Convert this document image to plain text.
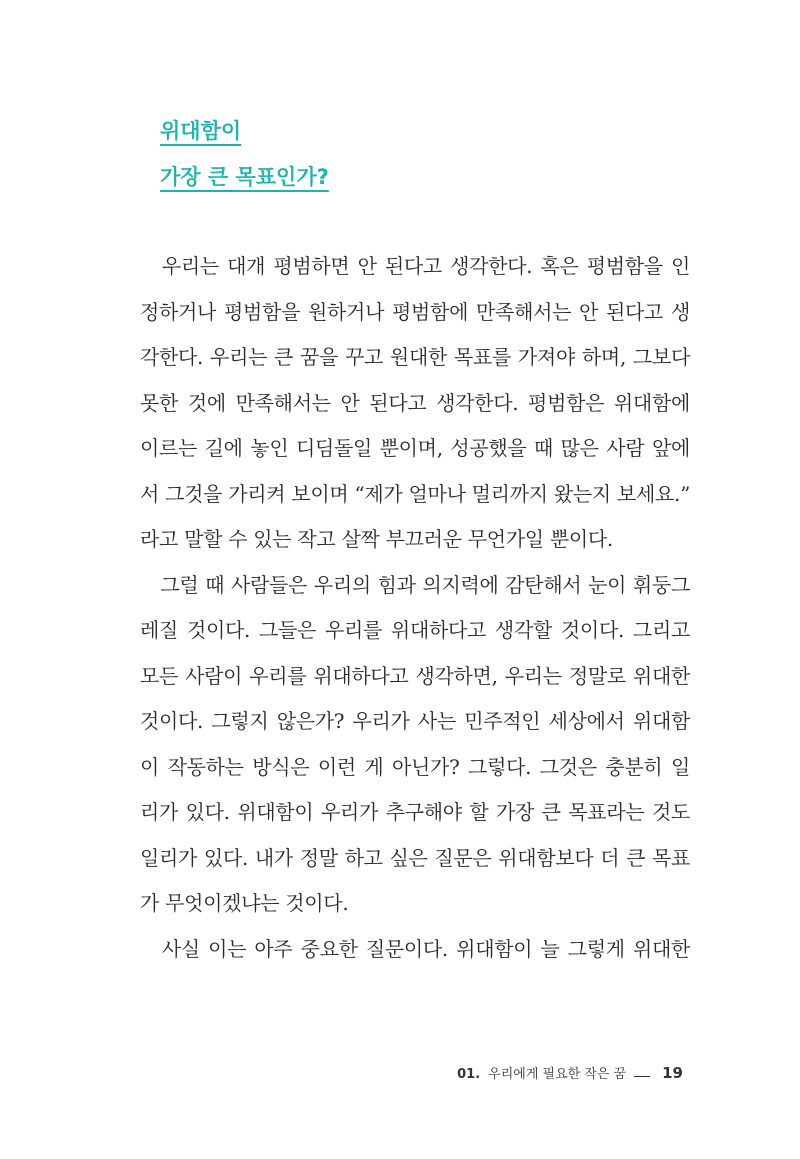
위대함이
가장 큰 목표인가?
　우리는 대개 평범하면 안 된다고 생각한다. 혹은 평범함을 인
정하거나 평범함을 원하거나 평범함에 만족해서는 안 된다고 생
각한다. 우리는 큰 꿈을 꾸고 원대한 목표를 가져야 하며, 그보다
못한 것에 만족해서는 안 된다고 생각한다. 평범함은 위대함에
이르는 길에 놓인 디딤돌일 뿐이며, 성공했을 때 많은 사람 앞에
서 그것을 가리켜 보이며 “제가 얼마나 멀리까지 왔는지 보세요.”
라고 말할 수 있는 작고 살짝 부끄러운 무언가일 뿐이다.
　그럴 때 사람들은 우리의 힘과 의지력에 감탄해서 눈이 휘둥그
레질 것이다. 그들은 우리를 위대하다고 생각할 것이다. 그리고
모든 사람이 우리를 위대하다고 생각하면, 우리는 정말로 위대한
것이다. 그렇지 않은가? 우리가 사는 민주적인 세상에서 위대함
이 작동하는 방식은 이런 게 아닌가? 그렇다. 그것은 충분히 일
리가 있다. 위대함이 우리가 추구해야 할 가장 큰 목표라는 것도
일리가 있다. 내가 정말 하고 싶은 질문은 위대함보다 더 큰 목표
가 무엇이겠냐는 것이다.
　사실 이는 아주 중요한 질문이다. 위대함이 늘 그렇게 위대한
01. 우리에게 필요한 작은 꿈 19
